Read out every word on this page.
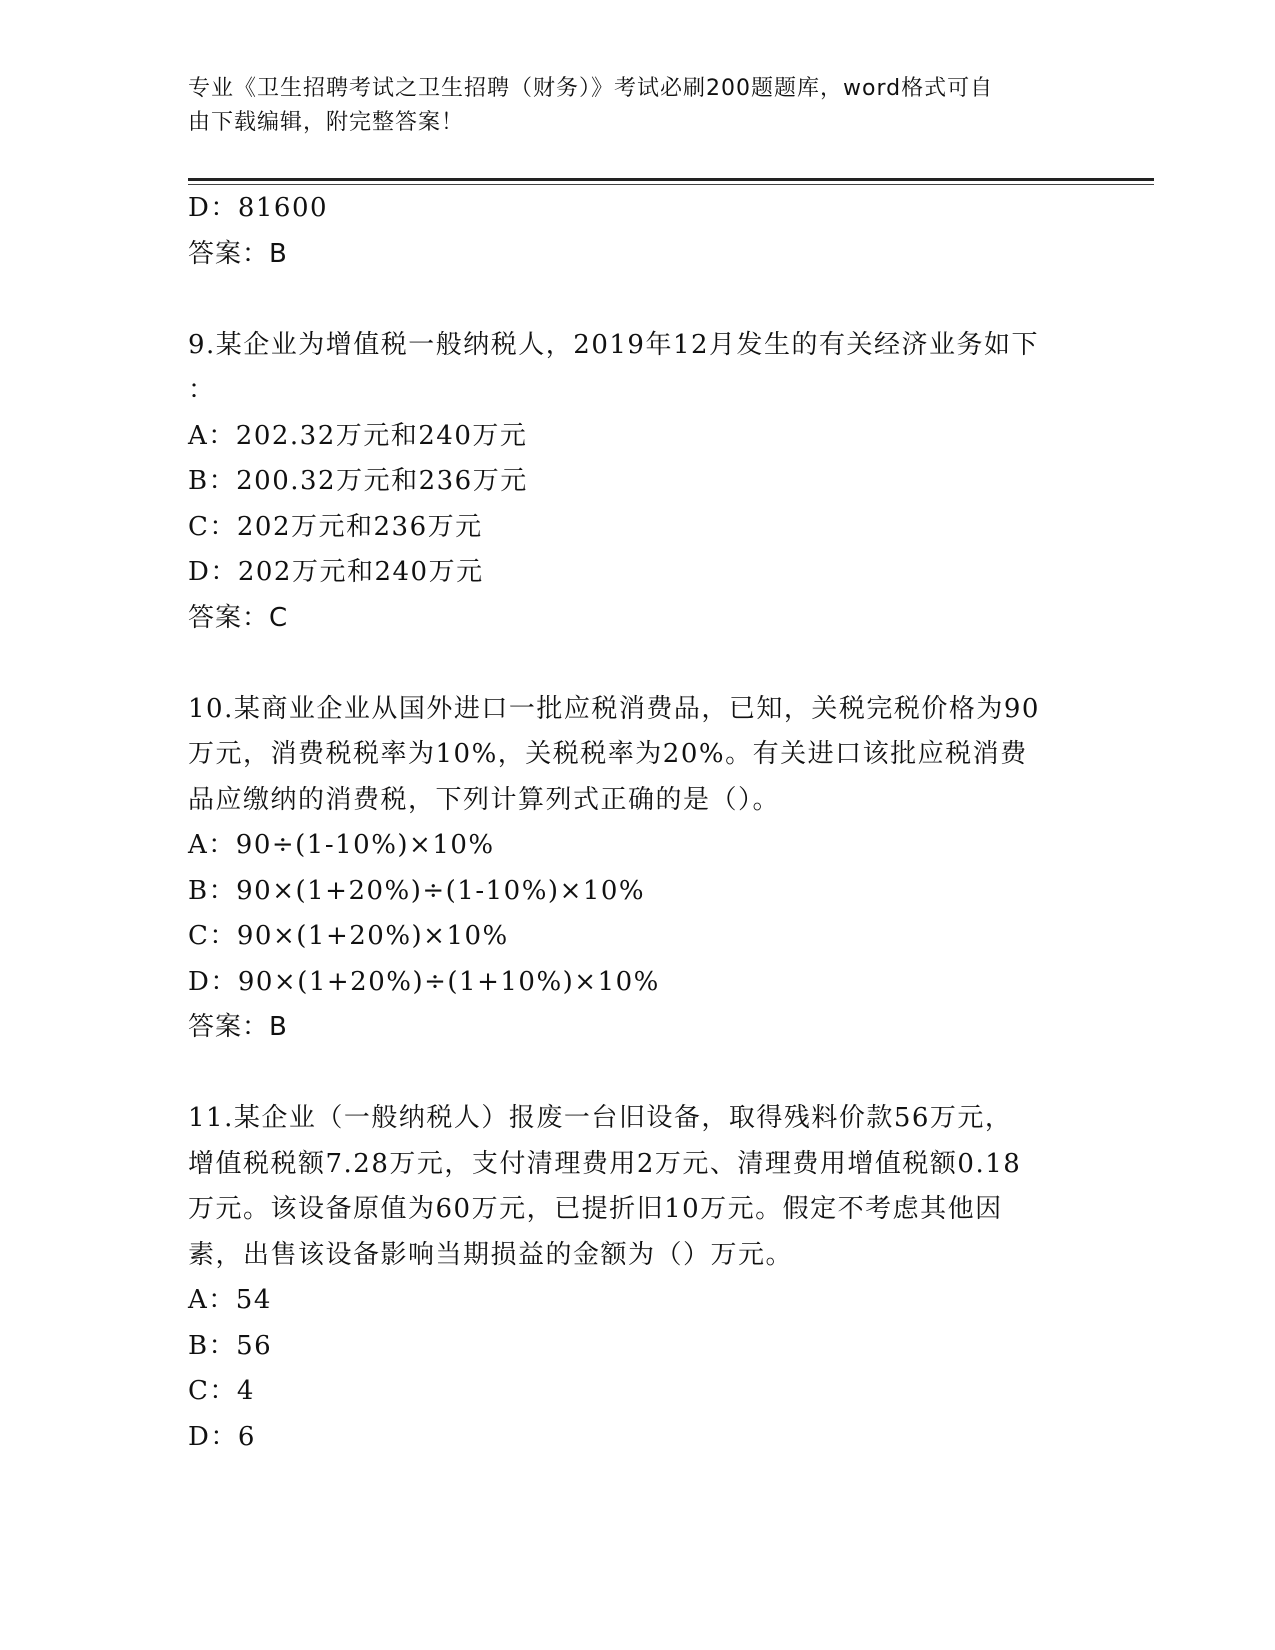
专业《卫生招聘考试之卫生招聘（财务）》考试必刷200题题库，word格式可自
由下载编辑，附完整答案！
D：81600
答案：B
9.某企业为增值税一般纳税人，2019年12月发生的有关经济业务如下
：
A：202.32万元和240万元
B：200.32万元和236万元
C：202万元和236万元
D：202万元和240万元
答案：C
10.某商业企业从国外进口一批应税消费品，已知，关税完税价格为90
万元，消费税税率为10%，关税税率为20%。有关进口该批应税消费
品应缴纳的消费税，下列计算列式正确的是（）。
A：90÷(1-10%)×10%
B：90×(1+20%)÷(1-10%)×10%
C：90×(1+20%)×10%
D：90×(1+20%)÷(1+10%)×10%
答案：B
11.某企业（一般纳税人）报废一台旧设备，取得残料价款56万元，
增值税税额7.28万元，支付清理费用2万元、清理费用增值税额0.18
万元。该设备原值为60万元，已提折旧10万元。假定不考虑其他因
素，出售该设备影响当期损益的金额为（）万元。
A：54
B：56
C：4
D：6
